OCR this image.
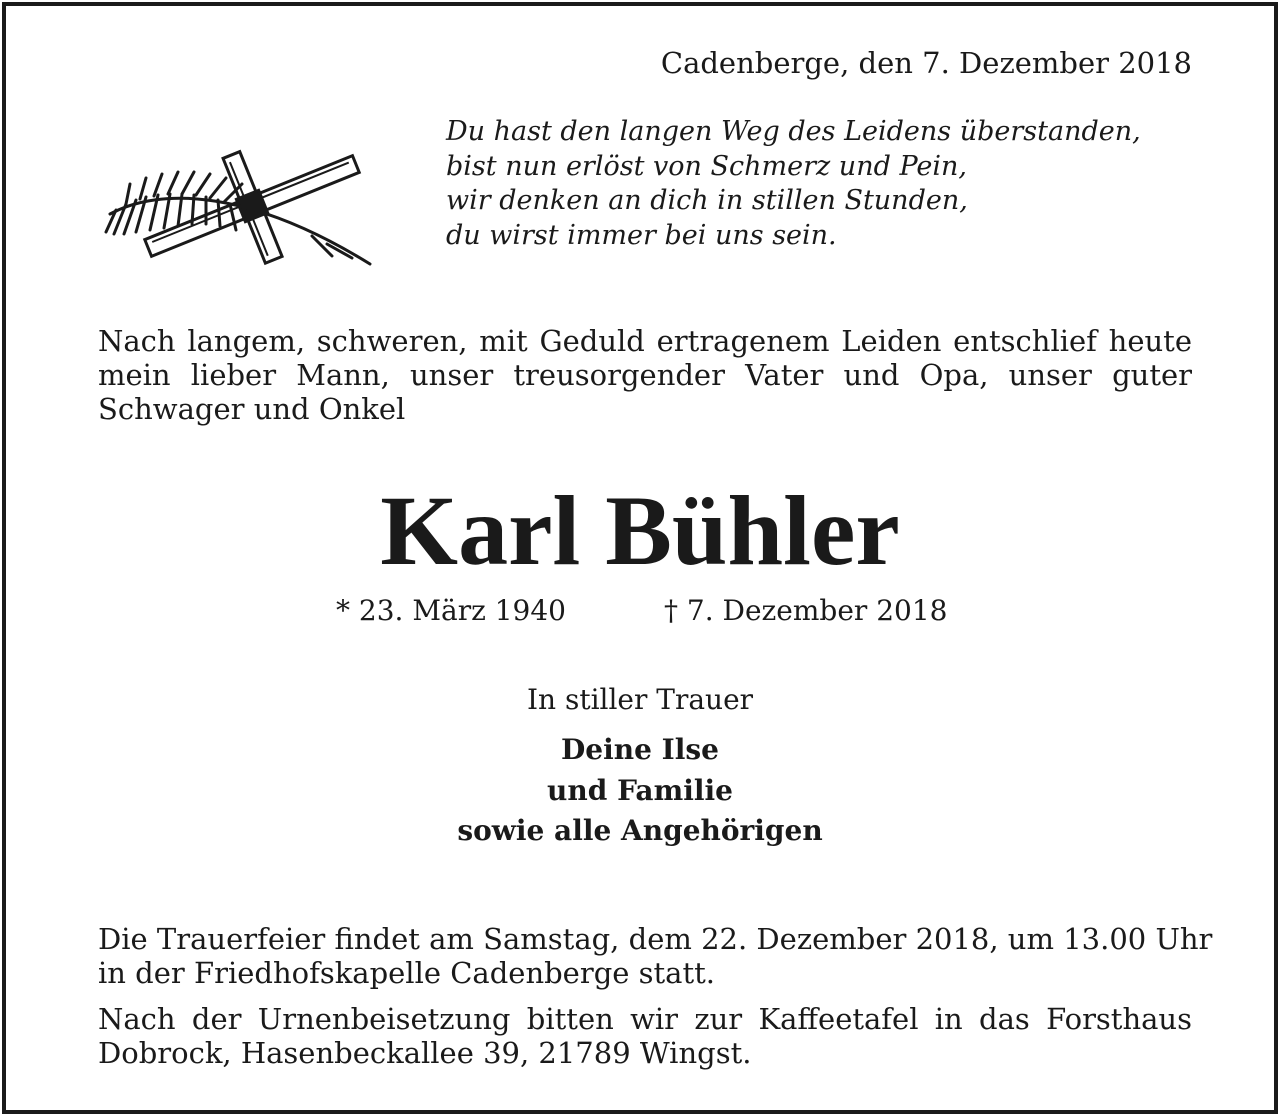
Cadenberge, den 7. Dezember 2018
Du hast den langen Weg des Leidens überstanden,
bist nun erlöst von Schmerz und Pein,
wir denken an dich in stillen Stunden,
du wirst immer bei uns sein.
Nach langem, schweren, mit Geduld ertragenem Leiden entschlief heute
mein lieber Mann, unser treusorgender Vater und Opa, unser guter
Schwager und Onkel
Karl Bühler
* 23. März 1940	† 7. Dezember 2018
In stiller Trauer
Deine Ilse
und Familie
sowie alle Angehörigen
Die Trauerfeier findet am Samstag, dem 22. Dezember 2018, um 13.00 Uhr
in der Friedhofskapelle Cadenberge statt.
Nach der Urnenbeisetzung bitten wir zur Kaffeetafel in das Forsthaus
Dobrock, Hasenbeckallee 39, 21789 Wingst.
